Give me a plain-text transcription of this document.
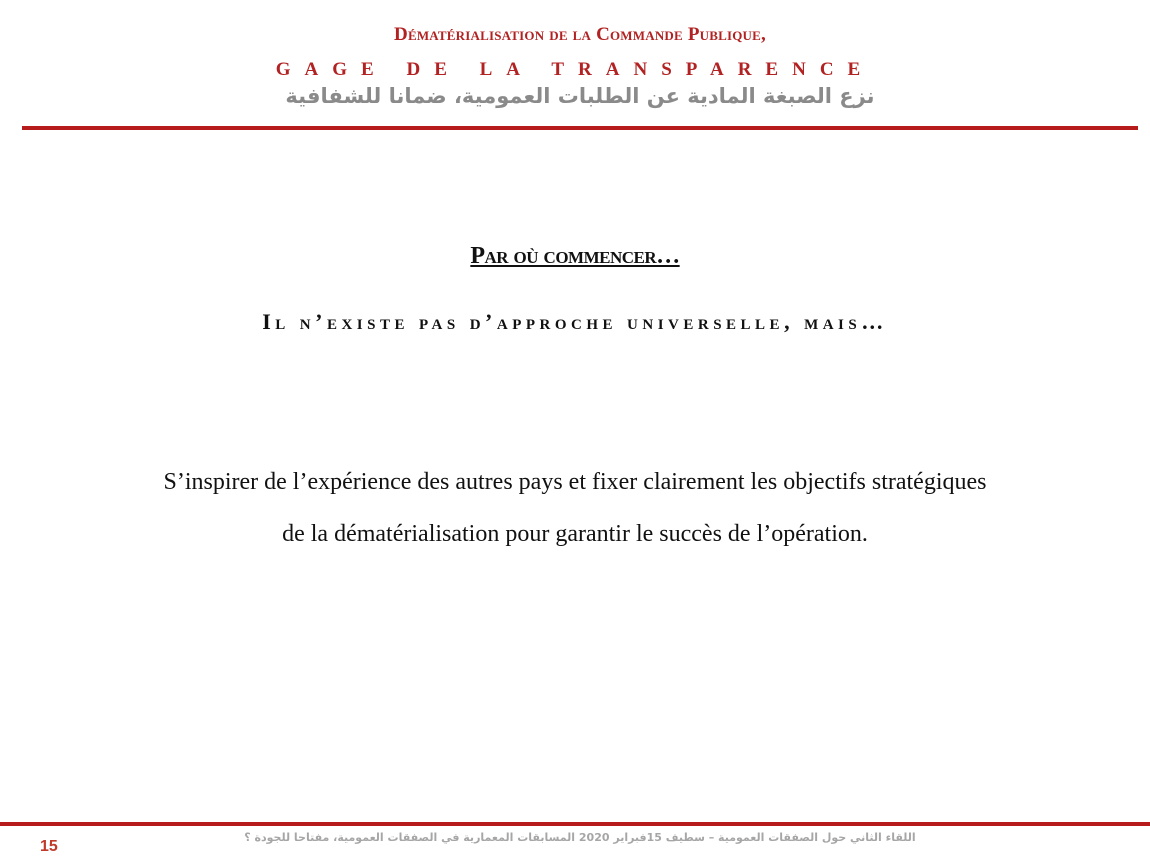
Dématérialisation de la Commande Publique,
GAGE DE LA TRANSPARENCE
نزع الصبغة المادية عن الطلبات العمومية، ضمانا للشفافية
Par où commencer…
Il n’existe pas d’approche universelle, mais…
S’inspirer de l’expérience des autres pays et fixer clairement les objectifs stratégiques
de la dématérialisation pour garantir le succès de l’opération.
15
اللقاء الثاني حول الصفقات العمومية – سطيف 15فبراير 2020 المسابقات المعمارية في الصفقات العمومية، مفتاحا للجودة ؟
